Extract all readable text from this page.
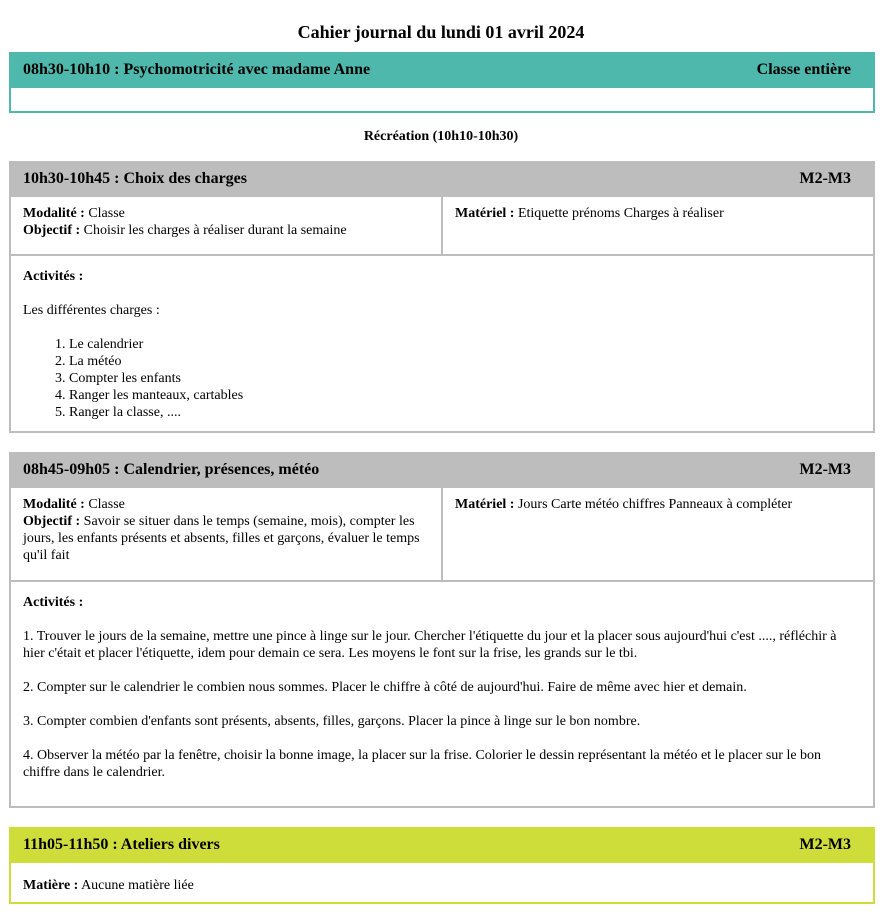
Cahier journal du lundi 01 avril 2024
08h30-10h10 : Psychomotricité avec madame Anne	Classe entière
Récréation (10h10-10h30)
10h30-10h45 : Choix des charges	M2-M3
Modalité : Classe
Objectif : Choisir les charges à réaliser durant la semaine
Matériel : Etiquette prénoms Charges à réaliser

Activités :

Les différentes charges :

1. Le calendrier
2. La météo
3. Compter les enfants
4. Ranger les manteaux, cartables
5. Ranger la classe, ....
08h45-09h05 : Calendrier, présences, météo	M2-M3
Modalité : Classe
Objectif : Savoir se situer dans le temps (semaine, mois), compter les jours, les enfants présents et absents, filles et garçons, évaluer le temps qu'il fait
Matériel : Jours Carte météo chiffres Panneaux à compléter

Activités :

1. Trouver le jours de la semaine, mettre une pince à linge sur le jour. Chercher l'étiquette du jour et la placer sous aujourd'hui c'est ...., réfléchir à hier c'était et placer l'étiquette, idem pour demain ce sera. Les moyens le font sur la frise, les grands sur le tbi.

2. Compter sur le calendrier le combien nous sommes. Placer le chiffre à côté de aujourd'hui. Faire de même avec hier et demain.

3. Compter combien d'enfants sont présents, absents, filles, garçons. Placer la pince à linge sur le bon nombre.

4. Observer la météo par la fenêtre, choisir la bonne image, la placer sur la frise. Colorier le dessin représentant la météo et le placer sur le bon chiffre dans le calendrier.

11h05-11h50 : Ateliers divers	M2-M3
Matière : Aucune matière liée
